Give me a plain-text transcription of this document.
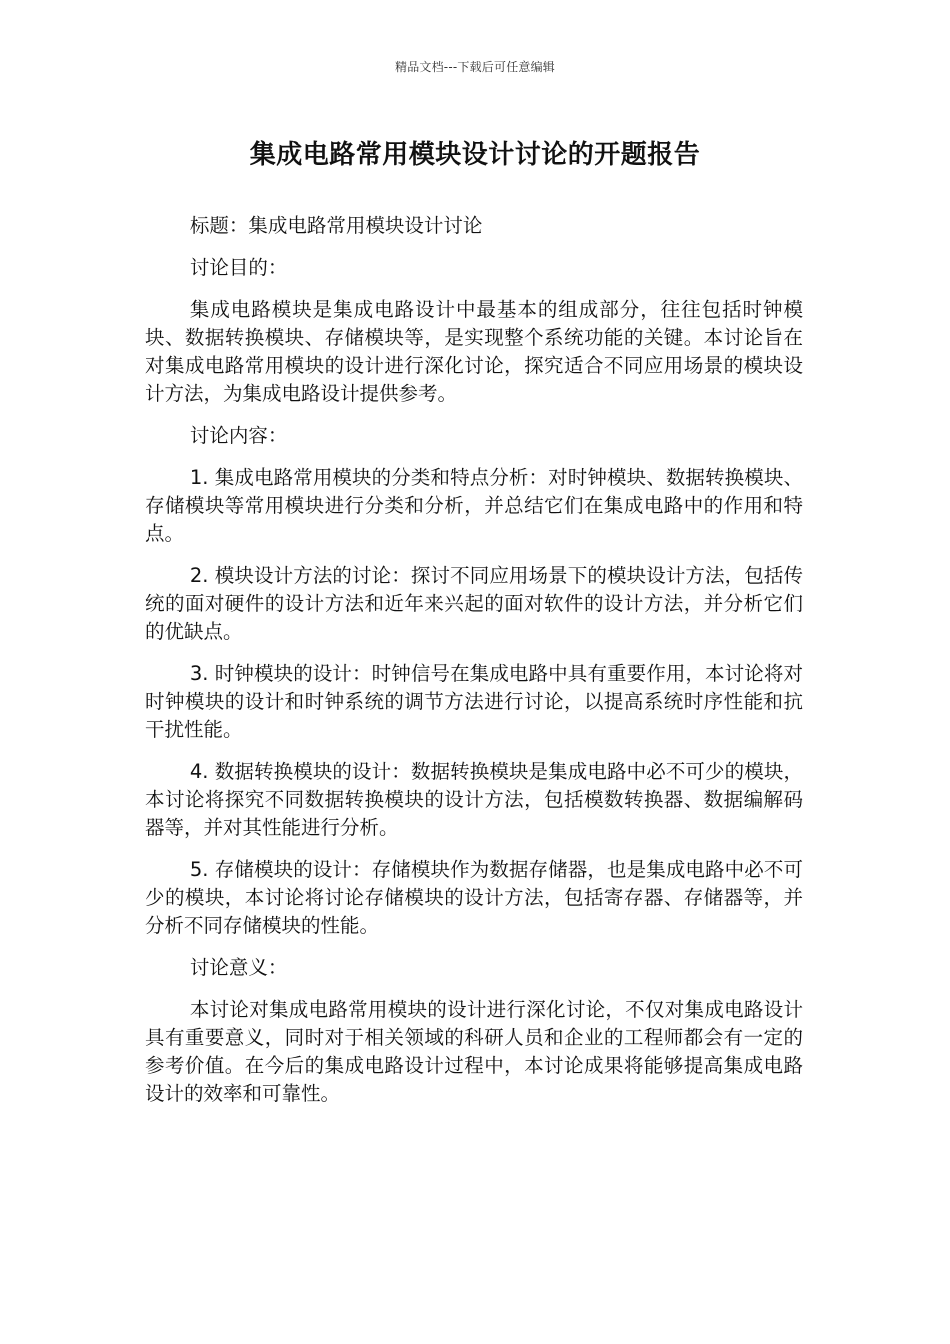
精品文档---下载后可任意编辑
集成电路常用模块设计讨论的开题报告

标题：集成电路常用模块设计讨论

讨论目的：

集成电路模块是集成电路设计中最基本的组成部分，往往包括时钟模块、数据转换模块、存储模块等，是实现整个系统功能的关键。本讨论旨在对集成电路常用模块的设计进行深化讨论，探究适合不同应用场景的模块设计方法，为集成电路设计提供参考。

讨论内容：

1. 集成电路常用模块的分类和特点分析：对时钟模块、数据转换模块、存储模块等常用模块进行分类和分析，并总结它们在集成电路中的作用和特点。

2. 模块设计方法的讨论：探讨不同应用场景下的模块设计方法，包括传统的面对硬件的设计方法和近年来兴起的面对软件的设计方法，并分析它们的优缺点。

3. 时钟模块的设计：时钟信号在集成电路中具有重要作用，本讨论将对时钟模块的设计和时钟系统的调节方法进行讨论，以提高系统时序性能和抗干扰性能。

4. 数据转换模块的设计：数据转换模块是集成电路中必不可少的模块，本讨论将探究不同数据转换模块的设计方法，包括模数转换器、数据编解码器等，并对其性能进行分析。

5. 存储模块的设计：存储模块作为数据存储器，也是集成电路中必不可少的模块，本讨论将讨论存储模块的设计方法，包括寄存器、存储器等，并分析不同存储模块的性能。

讨论意义：

本讨论对集成电路常用模块的设计进行深化讨论，不仅对集成电路设计具有重要意义，同时对于相关领域的科研人员和企业的工程师都会有一定的参考价值。在今后的集成电路设计过程中，本讨论成果将能够提高集成电路设计的效率和可靠性。
